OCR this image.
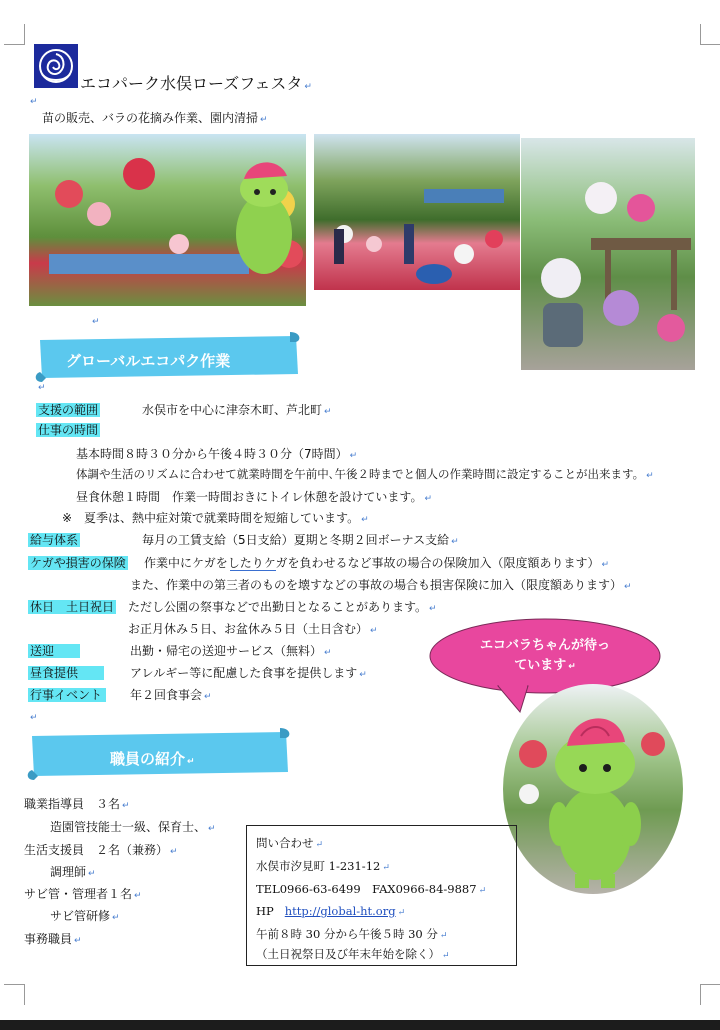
エコパーク水俣ローズフェスタ ↵
↵
苗の販売、バラの花摘み作業、園内清掃 ↵
↵
グローバルエコパク作業
↵
支援の範囲	水俣市を中心に津奈木町、芦北町 ↵
仕事の時間
基本時間８時３０分から午後４時３０分（7時間） ↵
体調や生活のリズムに合わせて就業時間を午前中､午後２時までと個人の作業時間に設定することが出来ます。 ↵
昼食休憩１時間　作業一時間おきにトイレ休憩を設けています。 ↵
※　夏季は、熱中症対策で就業時間を短縮しています。 ↵
給与体系	毎月の工賃支給（5日支給）夏期と冬期２回ボーナス支給 ↵
ケガや損害の保険 作業中にケガをしたりケガを負わせるなど事故の場合の保険加入（限度額あります） ↵
また、作業中の第三者のものを壊すなどの事故の場合も損害保険に加入（限度額あります） ↵
休日　土日祝日 ただし公園の祭事などで出勤日となることがあります。 ↵
お正月休み５日、お盆休み５日（土日含む） ↵
送迎	出勤・帰宅の送迎サービス（無料） ↵
昼食提供	アレルギー等に配慮した食事を提供します ↵
行事イベント	年２回食事会 ↵
↵
エコバラちゃんが待っ
ています ↵
職員の紹介 ↵
職業指導員　３名 ↵
造園管技能士一級、保育士、 ↵
生活支援員　２名（兼務） ↵
調理師 ↵
サビ管・管理者１名 ↵
サビ管研修 ↵
事務職員 ↵
問い合わせ ↵
水俣市汐見町 1-231-12 ↵
TEL0966-63-6499　FAX0966-84-9887 ↵
HP http://global-ht.org ↵
午前８時 30 分から午後５時 30 分 ↵
（土日祝祭日及び年末年始を除く） ↵
